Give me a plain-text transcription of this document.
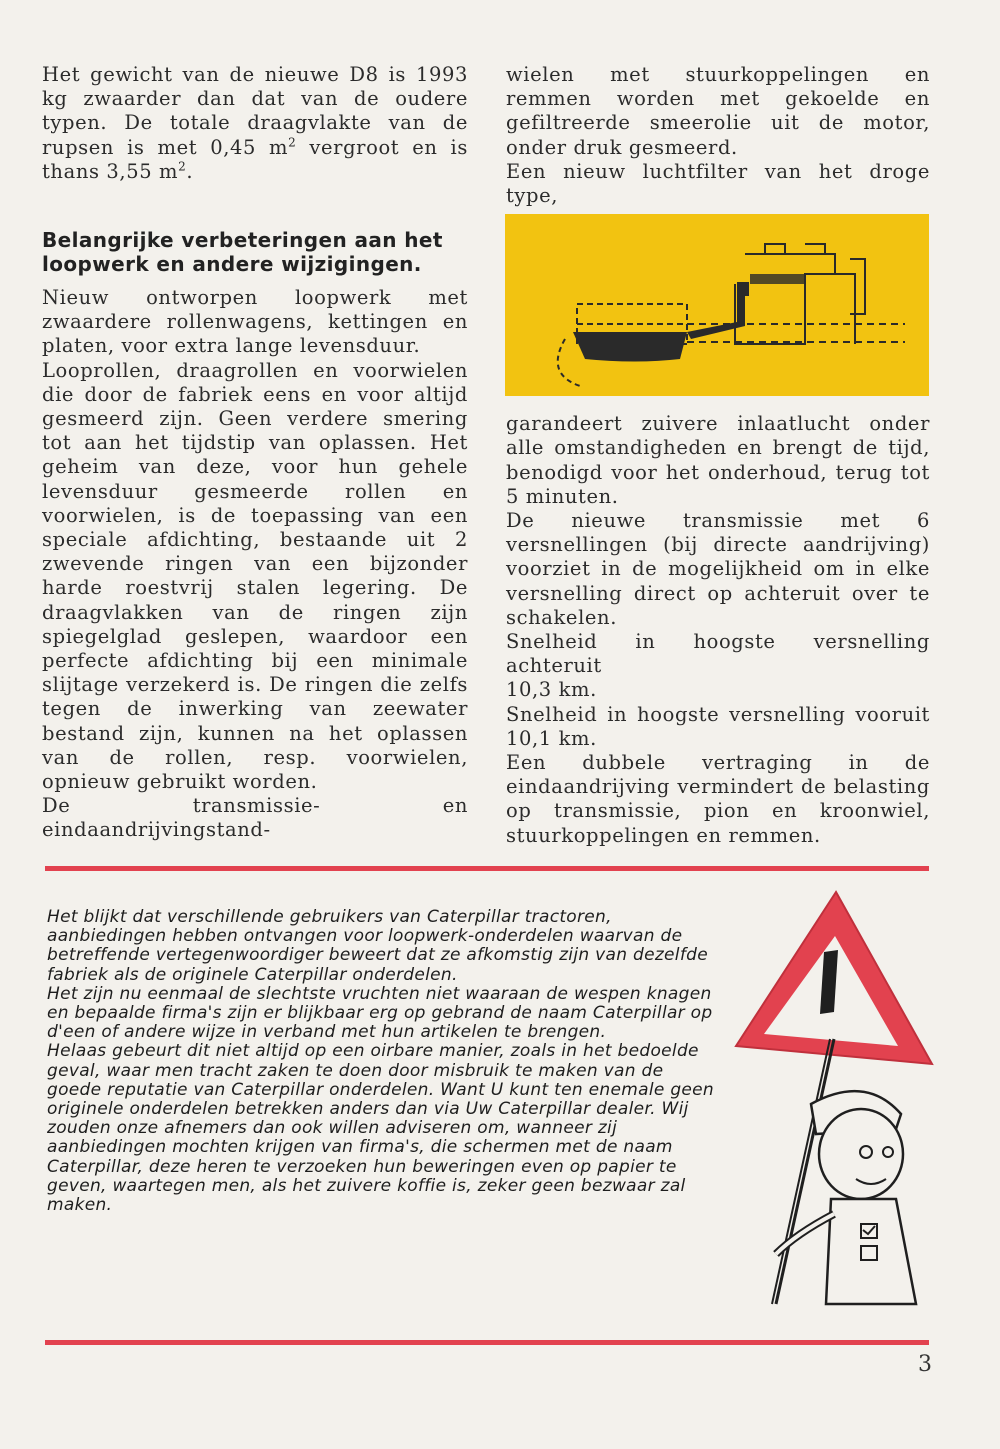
Het gewicht van de nieuwe D8 is 1993 kg zwaarder dan dat van de oudere typen. De totale draagvlakte van de rupsen is met 0,45 $m^2$ vergroot en is thans 3,55 $m^2$.

Belangrijke verbeteringen aan het loopwerk en andere wijzigingen.

Nieuw ontworpen loopwerk met zwaardere rollenwagens, kettingen en platen, voor extra lange levensduur.

Looprollen, draagrollen en voorwielen die door de fabriek eens en voor altijd gesmeerd zijn. Geen verdere smering tot aan het tijdstip van oplassen. Het geheim van deze, voor hun gehele levensduur gesmeerde rollen en voorwielen, is de toepassing van een speciale afdichting, bestaande uit 2 zwevende ringen van een bijzonder harde roestvrij stalen legering. De draagvlakken van de ringen zijn spiegelglad geslepen, waardoor een perfecte afdichting bij een minimale slijtage verzekerd is. De ringen die zelfs tegen de inwerking van zeewater bestand zijn, kunnen na het oplassen van de rollen, resp. voorwielen, opnieuw gebruikt worden.

De transmissie- en eindaandrijvingstand-

wielen met stuurkoppelingen en remmen worden met gekoelde en gefiltreerde smeerolie uit de motor, onder druk gesmeerd.

Een nieuw luchtfilter van het droge type,

garandeert zuivere inlaatlucht onder alle omstandigheden en brengt de tijd, benodigd voor het onderhoud, terug tot 5 minuten.

De nieuwe transmissie met 6 versnellingen (bij directe aandrijving) voorziet in de mogelijkheid om in elke versnelling direct op achteruit over te schakelen.

Snelheid in hoogste versnelling achteruit

10,3 km.

Snelheid in hoogste versnelling vooruit

10,1 km.

Een dubbele vertraging in de eindaandrijving vermindert de belasting op transmissie, pion en kroonwiel, stuurkoppelingen en remmen.

Het blijkt dat verschillende gebruikers van Caterpillar tractoren, aanbiedingen hebben ontvangen voor loopwerk-onderdelen waarvan de betreffende vertegenwoordiger beweert dat ze afkomstig zijn van dezelfde fabriek als de originele Caterpillar onderdelen.

Het zijn nu eenmaal de slechtste vruchten niet waaraan de wespen knagen en bepaalde firma's zijn er blijkbaar erg op gebrand de naam Caterpillar op d'een of andere wijze in verband met hun artikelen te brengen.

Helaas gebeurt dit niet altijd op een oirbare manier, zoals in het bedoelde geval, waar men tracht zaken te doen door misbruik te maken van de goede reputatie van Caterpillar onderdelen. Want U kunt ten enemale geen originele onderdelen betrekken anders dan via Uw Caterpillar dealer. Wij zouden onze afnemers dan ook willen adviseren om, wanneer zij aanbiedingen mochten krijgen van firma's, die schermen met de naam Caterpillar, deze heren te verzoeken hun beweringen even op papier te geven, waartegen men, als het zuivere koffie is, zeker geen bezwaar zal maken.

3
